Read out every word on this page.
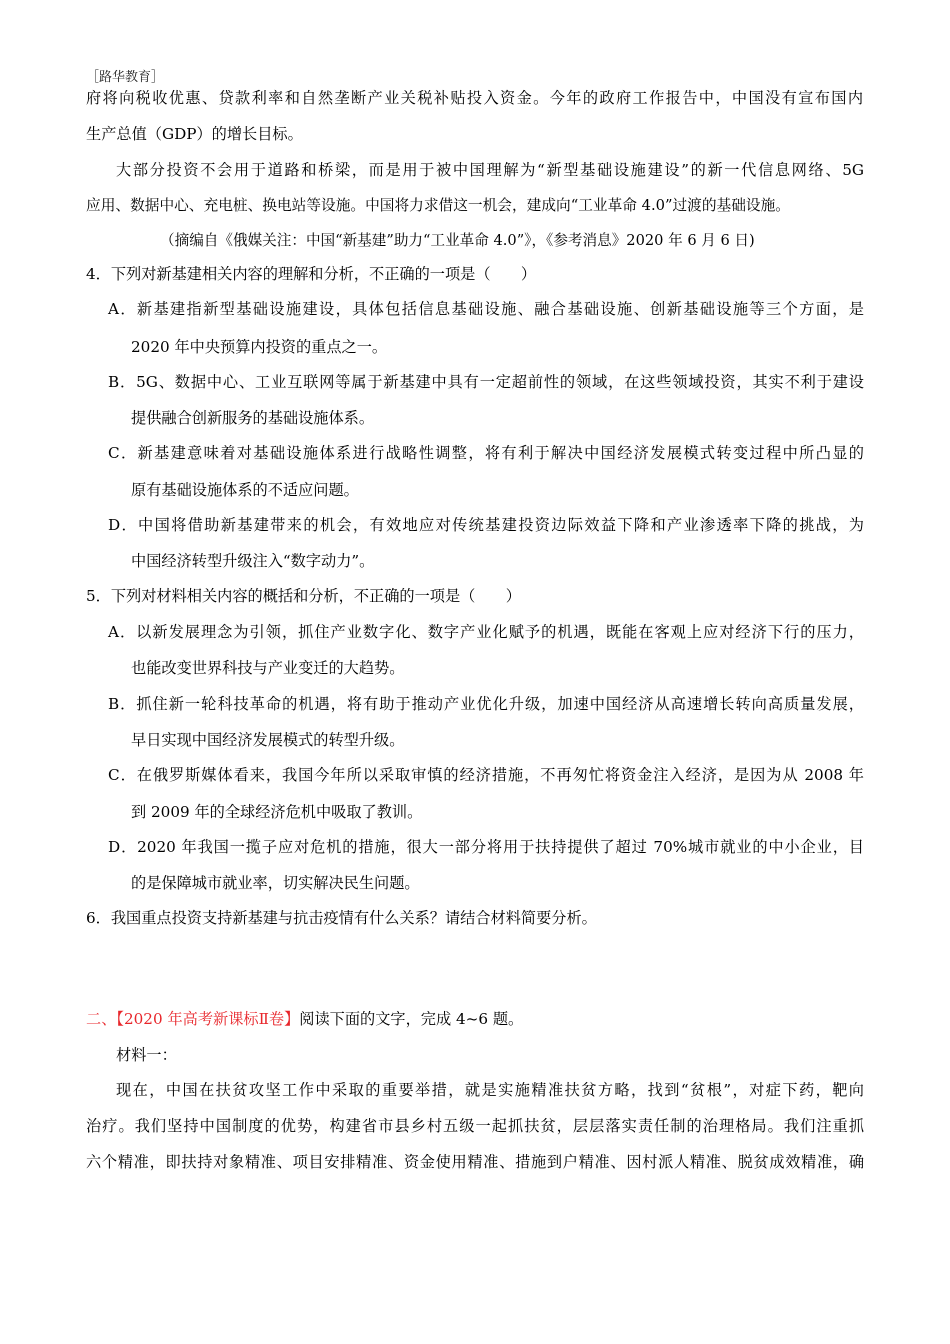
［路华教育］
府将向税收优惠、贷款利率和自然垄断产业关税补贴投入资金。今年的政府工作报告中，中国没有宣布国内
生产总值（GDP）的增长目标。
大部分投资不会用于道路和桥梁，而是用于被中国理解为“新型基础设施建设”的新一代信息网络、5G
应用、数据中心、充电桩、换电站等设施。中国将力求借这一机会，建成向“工业革命 4.0”过渡的基础设施。
（摘编自《俄媒关注：中国“新基建”助力“工业革命 4.0”》，《参考消息》2020 年 6 月 6 日)
4．下列对新基建相关内容的理解和分析，不正确的一项是（　　）
A．新基建指新型基础设施建设，具体包括信息基础设施、融合基础设施、创新基础设施等三个方面，是
2020 年中央预算内投资的重点之一。
B．5G、数据中心、工业互联网等属于新基建中具有一定超前性的领域，在这些领域投资，其实不利于建设
提供融合创新服务的基础设施体系。
C．新基建意味着对基础设施体系进行战略性调整，将有利于解决中国经济发展模式转变过程中所凸显的
原有基础设施体系的不适应问题。
D．中国将借助新基建带来的机会，有效地应对传统基建投资边际效益下降和产业渗透率下降的挑战，为
中国经济转型升级注入“数字动力”。
5．下列对材料相关内容的概括和分析，不正确的一项是（　　）
A．以新发展理念为引领，抓住产业数字化、数字产业化赋予的机遇，既能在客观上应对经济下行的压力，
也能改变世界科技与产业变迁的大趋势。
B．抓住新一轮科技革命的机遇，将有助于推动产业优化升级，加速中国经济从高速增长转向高质量发展，
早日实现中国经济发展模式的转型升级。
C．在俄罗斯媒体看来，我国今年所以采取审慎的经济措施，不再匆忙将资金注入经济，是因为从 2008 年
到 2009 年的全球经济危机中吸取了教训。
D．2020 年我国一揽子应对危机的措施，很大一部分将用于扶持提供了超过 70%城市就业的中小企业，目
的是保障城市就业率，切实解决民生问题。
6．我国重点投资支持新基建与抗击疫情有什么关系？请结合材料简要分析。
二、【2020 年高考新课标Ⅱ卷】阅读下面的文字，完成 4~6 题。
材料一：
现在，中国在扶贫攻坚工作中采取的重要举措，就是实施精准扶贫方略，找到“贫根”，对症下药，靶向
治疗。我们坚持中国制度的优势，构建省市县乡村五级一起抓扶贫，层层落实责任制的治理格局。我们注重抓
六个精准，即扶持对象精准、项目安排精准、资金使用精准、措施到户精准、因村派人精准、脱贫成效精准，确
